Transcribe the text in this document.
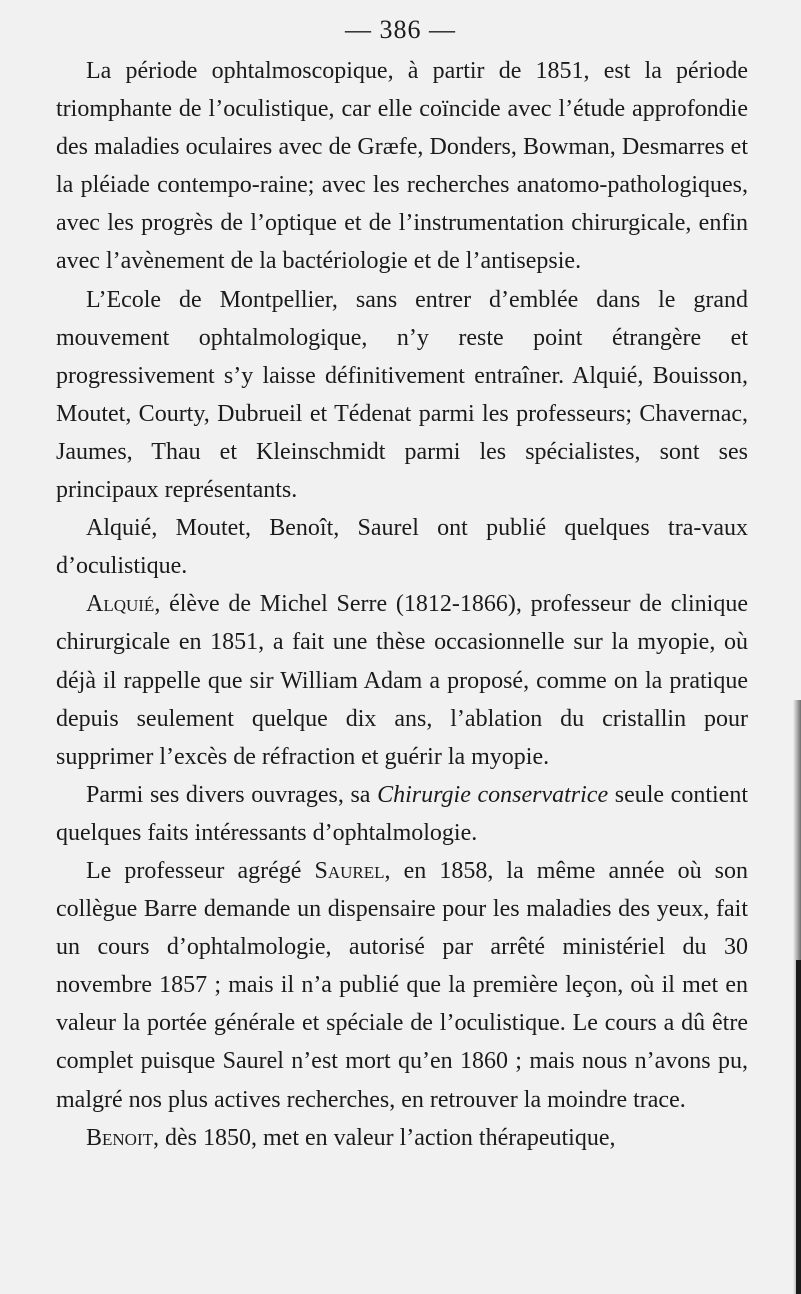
— 386 —

La période ophtalmoscopique, à partir de 1851, est la période triomphante de l’oculistique, car elle coïncide avec l’étude approfondie des maladies oculaires avec de Græfe, Donders, Bowman, Desmarres et la pléiade contempo-raine; avec les recherches anatomo-pathologiques, avec les progrès de l’optique et de l’instrumentation chirurgicale, enfin avec l’avènement de la bactériologie et de l’antisepsie.

L’Ecole de Montpellier, sans entrer d’emblée dans le grand mouvement ophtalmologique, n’y reste point étrangère et progressivement s’y laisse définitivement entraîner. Alquié, Bouisson, Moutet, Courty, Dubrueil et Tédenat parmi les professeurs; Chavernac, Jaumes, Thau et Kleinschmidt parmi les spécialistes, sont ses principaux représentants.

Alquié, Moutet, Benoît, Saurel ont publié quelques tra-vaux d’oculistique.

Alquié, élève de Michel Serre (1812-1866), professeur de clinique chirurgicale en 1851, a fait une thèse occasionnelle sur la myopie, où déjà il rappelle que sir William Adam a proposé, comme on la pratique depuis seulement quelque dix ans, l’ablation du cristallin pour supprimer l’excès de réfraction et guérir la myopie.

Parmi ses divers ouvrages, sa Chirurgie conservatrice seule contient quelques faits intéressants d’ophtalmologie.

Le professeur agrégé Saurel, en 1858, la même année où son collègue Barre demande un dispensaire pour les maladies des yeux, fait un cours d’ophtalmologie, autorisé par arrêté ministériel du 30 novembre 1857 ; mais il n’a publié que la première leçon, où il met en valeur la portée générale et spéciale de l’oculistique. Le cours a dû être complet puisque Saurel n’est mort qu’en 1860 ; mais nous n’avons pu, malgré nos plus actives recherches, en retrouver la moindre trace.

Benoit, dès 1850, met en valeur l’action thérapeutique,
